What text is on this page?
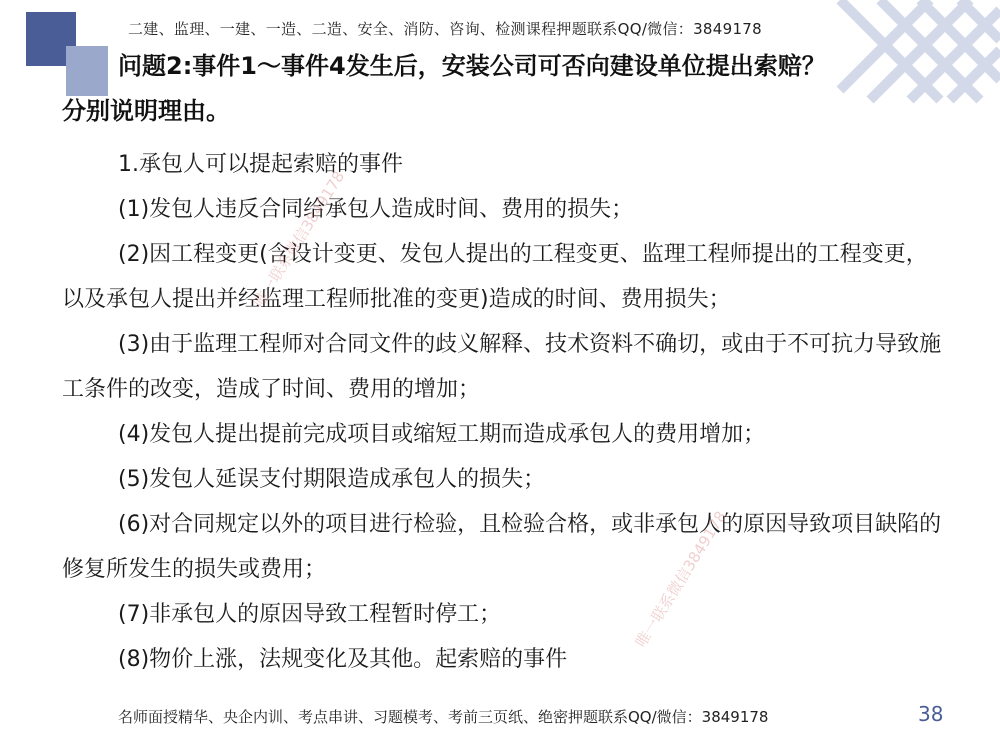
二建、监理、一建、一造、二造、安全、消防、咨询、检测课程押题联系QQ/微信：3849178
问题2:事件1～事件4发生后，安装公司可否向建设单位提出索赔？
分别说明理由。

1.承包人可以提起索赔的事件

(1)发包人违反合同给承包人造成时间、费用的损失；

(2)因工程变更(含设计变更、发包人提出的工程变更、监理工程师提出的工程变更，以及承包人提出并经监理工程师批准的变更)造成的时间、费用损失；

(3)由于监理工程师对合同文件的歧义解释、技术资料不确切，或由于不可抗力导致施工条件的改变，造成了时间、费用的增加；

(4)发包人提出提前完成项目或缩短工期而造成承包人的费用增加；

(5)发包人延误支付期限造成承包人的损失；

(6)对合同规定以外的项目进行检验，且检验合格，或非承包人的原因导致项目缺陷的修复所发生的损失或费用；

(7)非承包人的原因导致工程暂时停工；

(8)物价上涨，法规变化及其他。起索赔的事件

唯一联系微信3849178
唯一联系微信3849178
名师面授精华、央企内训、考点串讲、习题模考、考前三页纸、绝密押题联系QQ/微信：3849178	38
